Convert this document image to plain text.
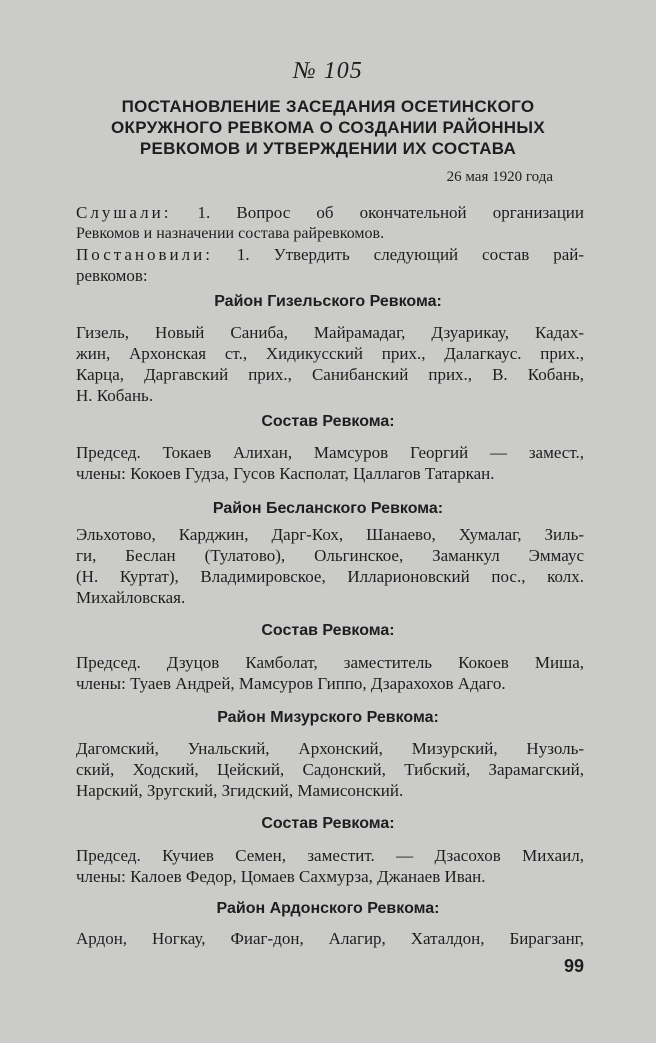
№ 105
ПОСТАНОВЛЕНИЕ ЗАСЕДАНИЯ ОСЕТИНСКОГО
ОКРУЖНОГО РЕВКОМА О СОЗДАНИИ РАЙОННЫХ
РЕВКОМОВ И УТВЕРЖДЕНИИ ИХ СОСТАВА
26 мая 1920 года
Слушали: 1. Вопрос об окончательной организации
Ревкомов и назначении состава райревкомов.
Постановили: 1. Утвердить следующий состав рай-
ревкомов:
Район Гизельского Ревкома:
Гизель, Новый Саниба, Майрамадаг, Дзуарикау, Кадах-
жин, Архонская ст., Хидикусский прих., Далагкаус. прих.,
Карца, Даргавский прих., Санибанский прих., В. Кобань,
Н. Кобань.
Состав Ревкома:
Председ. Токаев Алихан, Мамсуров Георгий — замест.,
члены: Кокоев Гудза, Гусов Касполат, Цаллагов Татаркан.
Район Бесланского Ревкома:
Эльхотово, Карджин, Дарг-Кох, Шанаево, Хумалаг, Зиль-
ги, Беслан (Тулатово), Ольгинское, Заманкул Эммаус
(Н. Куртат), Владимировское, Илларионовский пос., колх.
Михайловская.
Состав Ревкома:
Председ. Дзуцов Камболат, заместитель Кокоев Миша,
члены: Туаев Андрей, Мамсуров Гиппо, Дзарахохов Адаго.
Район Мизурского Ревкома:
Дагомский, Унальский, Архонский, Мизурский, Нузоль-
ский, Ходский, Цейский, Садонский, Тибский, Зарамагский,
Нарский, Зругский, Згидский, Мамисонский.
Состав Ревкома:
Председ. Кучиев Семен, заместит. — Дзасохов Михаил,
члены: Калоев Федор, Цомаев Сахмурза, Джанаев Иван.
Район Ардонского Ревкома:
Ардон, Ногкау, Фиаг-дон, Алагир, Хаталдон, Бирагзанг,
99
